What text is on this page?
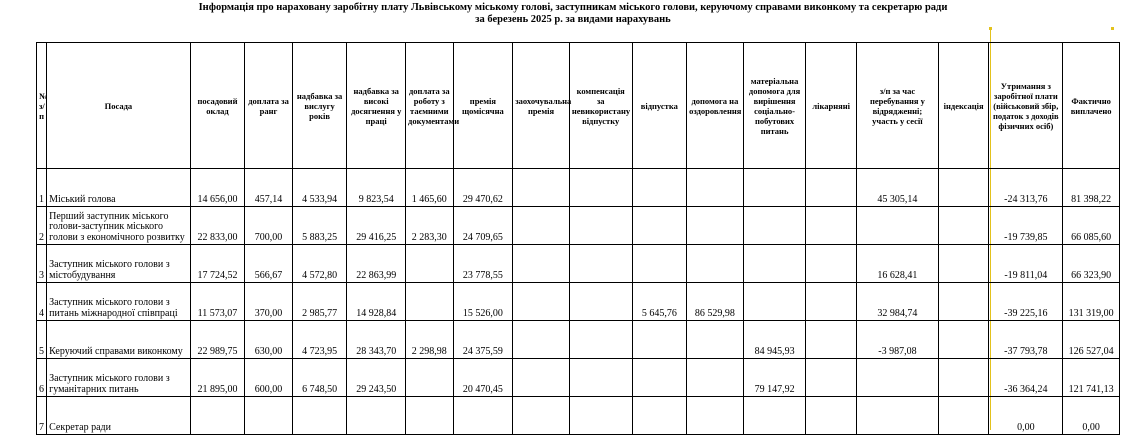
Інформація про нараховану заробітну плату Львівському міському голові, заступникам міського голови, керуючому справами виконкому та секретарю ради
за березень 2025 р. за видами нарахувань
№ з/п	Посада	посадовий оклад	доплата за ранг	надбавка за вислугу років	надбавка за високі досягнення у праці	доплата за роботу з таємними документами	премія щомісячна	заохочувальна премія	компенсація за невикористану відпустку	відпустка	допомога на оздоровлення	матеріальна допомога для вирішення соціально-побутових питань	лікарняні	з/п за час перебування у відрядженні; участь у сесії	індексація	Утримання з заробітної плати (військовий збір, податок з доходів фізичних осіб)	Фактично виплачено
1	Міський голова	14 656,00	457,14	4 533,94	9 823,54	1 465,60	29 470,62							45 305,14		-24 313,76	81 398,22
2	Перший заступник міського голови-заступник міського голови з економічного розвитку	22 833,00	700,00	5 883,25	29 416,25	2 283,30	24 709,65									-19 739,85	66 085,60
3	Заступник міського голови з містобудування	17 724,52	566,67	4 572,80	22 863,99		23 778,55							16 628,41		-19 811,04	66 323,90
4	Заступник міського голови з питань міжнародної співпраці	11 573,07	370,00	2 985,77	14 928,84		15 526,00			5 645,76	86 529,98			32 984,74		-39 225,16	131 319,00
5	Керуючий справами виконкому	22 989,75	630,00	4 723,95	28 343,70	2 298,98	24 375,59					84 945,93		-3 987,08		-37 793,78	126 527,04
6	Заступник міського голови з гуманітарних питань	21 895,00	600,00	6 748,50	29 243,50		20 470,45					79 147,92				-36 364,24	121 741,13
7	Секретар ради															0,00	0,00
